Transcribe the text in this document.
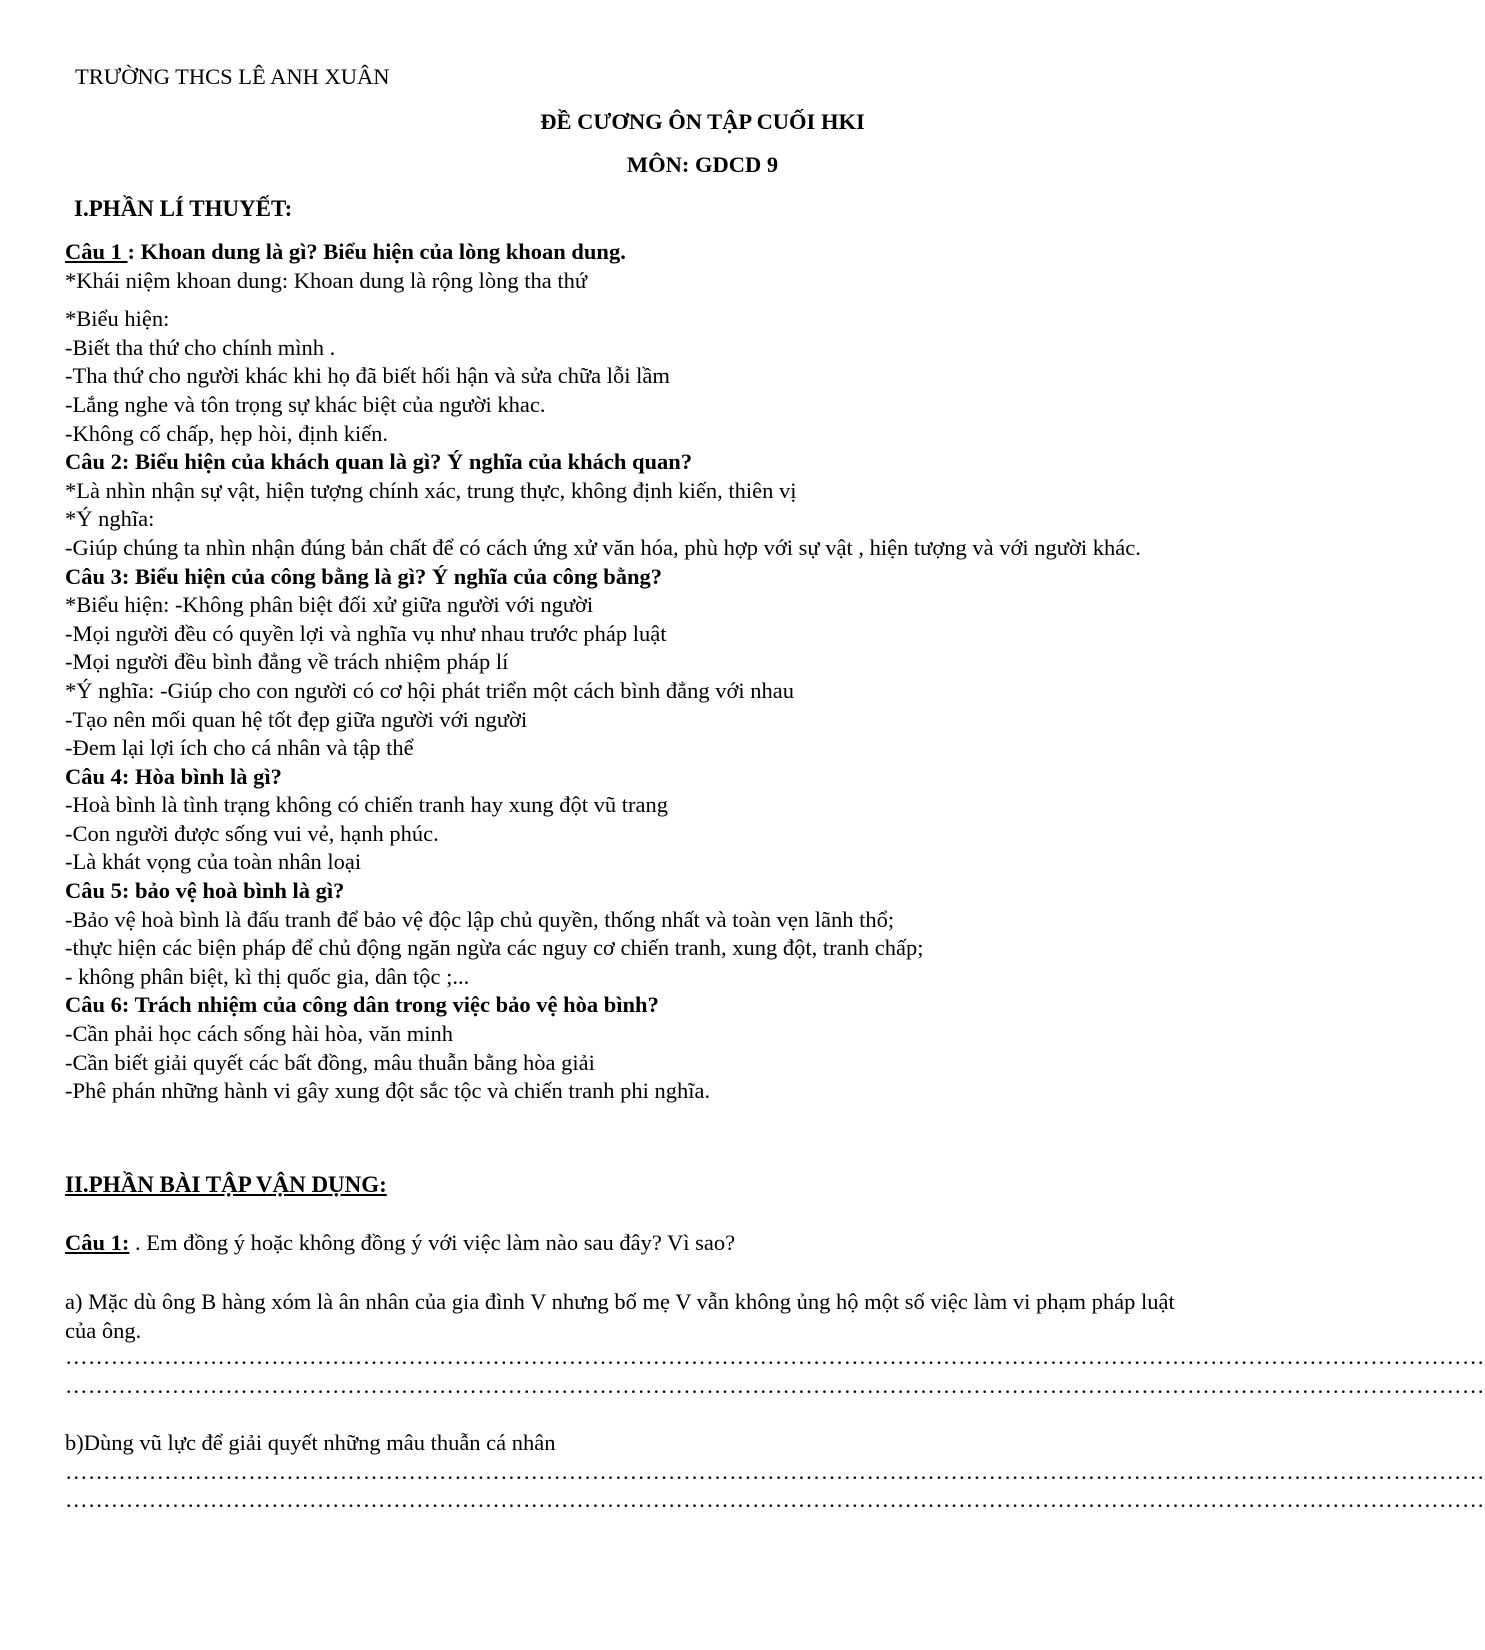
TRƯỜNG THCS LÊ ANH XUÂN
ĐỀ CƯƠNG ÔN TẬP CUỐI HKI
MÔN: GDCD 9
I.PHẦN LÍ THUYẾT:
Câu 1 : Khoan dung là gì? Biểu hiện của lòng khoan dung.
*Khái niệm khoan dung: Khoan dung là rộng lòng tha thứ
*Biểu hiện:
-Biết tha thứ cho chính mình .
-Tha thứ cho người khác khi họ đã biết hối hận và sửa chữa lỗi lầm
-Lắng nghe và tôn trọng sự khác biệt của người khac.
-Không cố chấp, hẹp hòi, định kiến.
Câu 2: Biểu hiện của khách quan là gì? Ý nghĩa của khách quan?
*Là nhìn nhận sự vật, hiện tượng chính xác, trung thực, không định kiến, thiên vị
*Ý nghĩa:
-Giúp chúng ta nhìn nhận đúng bản chất để có cách ứng xử văn hóa, phù hợp với sự vật , hiện tượng và với người khác.
Câu 3: Biểu hiện của công bằng là gì? Ý nghĩa của công bằng?
*Biểu hiện: -Không phân biệt đối xử giữa người với người
-Mọi người đều có quyền lợi và nghĩa vụ như nhau trước pháp luật
-Mọi người đều bình đẳng về trách nhiệm pháp lí
*Ý nghĩa: -Giúp cho con người có cơ hội phát triển một cách bình đẳng với nhau
-Tạo nên mối quan hệ tốt đẹp giữa người với người
-Đem lại lợi ích cho cá nhân và tập thể
Câu 4: Hòa bình là gì?
-Hoà bình là tình trạng không có chiến tranh hay xung đột vũ trang
-Con người được sống vui vẻ, hạnh phúc.
-Là khát vọng của toàn nhân loại
Câu 5: bảo vệ hoà bình là gì?
-Bảo vệ hoà bình là đấu tranh để bảo vệ độc lập chủ quyền, thống nhất và toàn vẹn lãnh thổ;
-thực hiện các biện pháp để chủ động ngăn ngừa các nguy cơ chiến tranh, xung đột, tranh chấp;
- không phân biệt, kì thị quốc gia, dân tộc ;...
Câu 6: Trách nhiệm của công dân trong việc bảo vệ hòa bình?
-Cần phải học cách sống hài hòa, văn minh
-Cần biết giải quyết các bất đồng, mâu thuẫn bằng hòa giải
-Phê phán những hành vi gây xung đột sắc tộc và chiến tranh phi nghĩa.
II.PHẦN BÀI TẬP VẬN DỤNG:
Câu 1: . Em đồng ý hoặc không đồng ý với việc làm nào sau đây? Vì sao?
a) Mặc dù ông B hàng xóm là ân nhân của gia đình V nhưng bố mẹ V vẫn không ủng hộ một số việc làm vi phạm pháp luật của ông.
……………………………………………………………………………………………………………………………………………………………………
……………………………………………………………………………………………………………………………………………………………………
b)Dùng vũ lực để giải quyết những mâu thuẫn cá nhân
……………………………………………………………………………………………………………………………………………………………………
……………………………………………………………………………………………………………………………………………………………………
